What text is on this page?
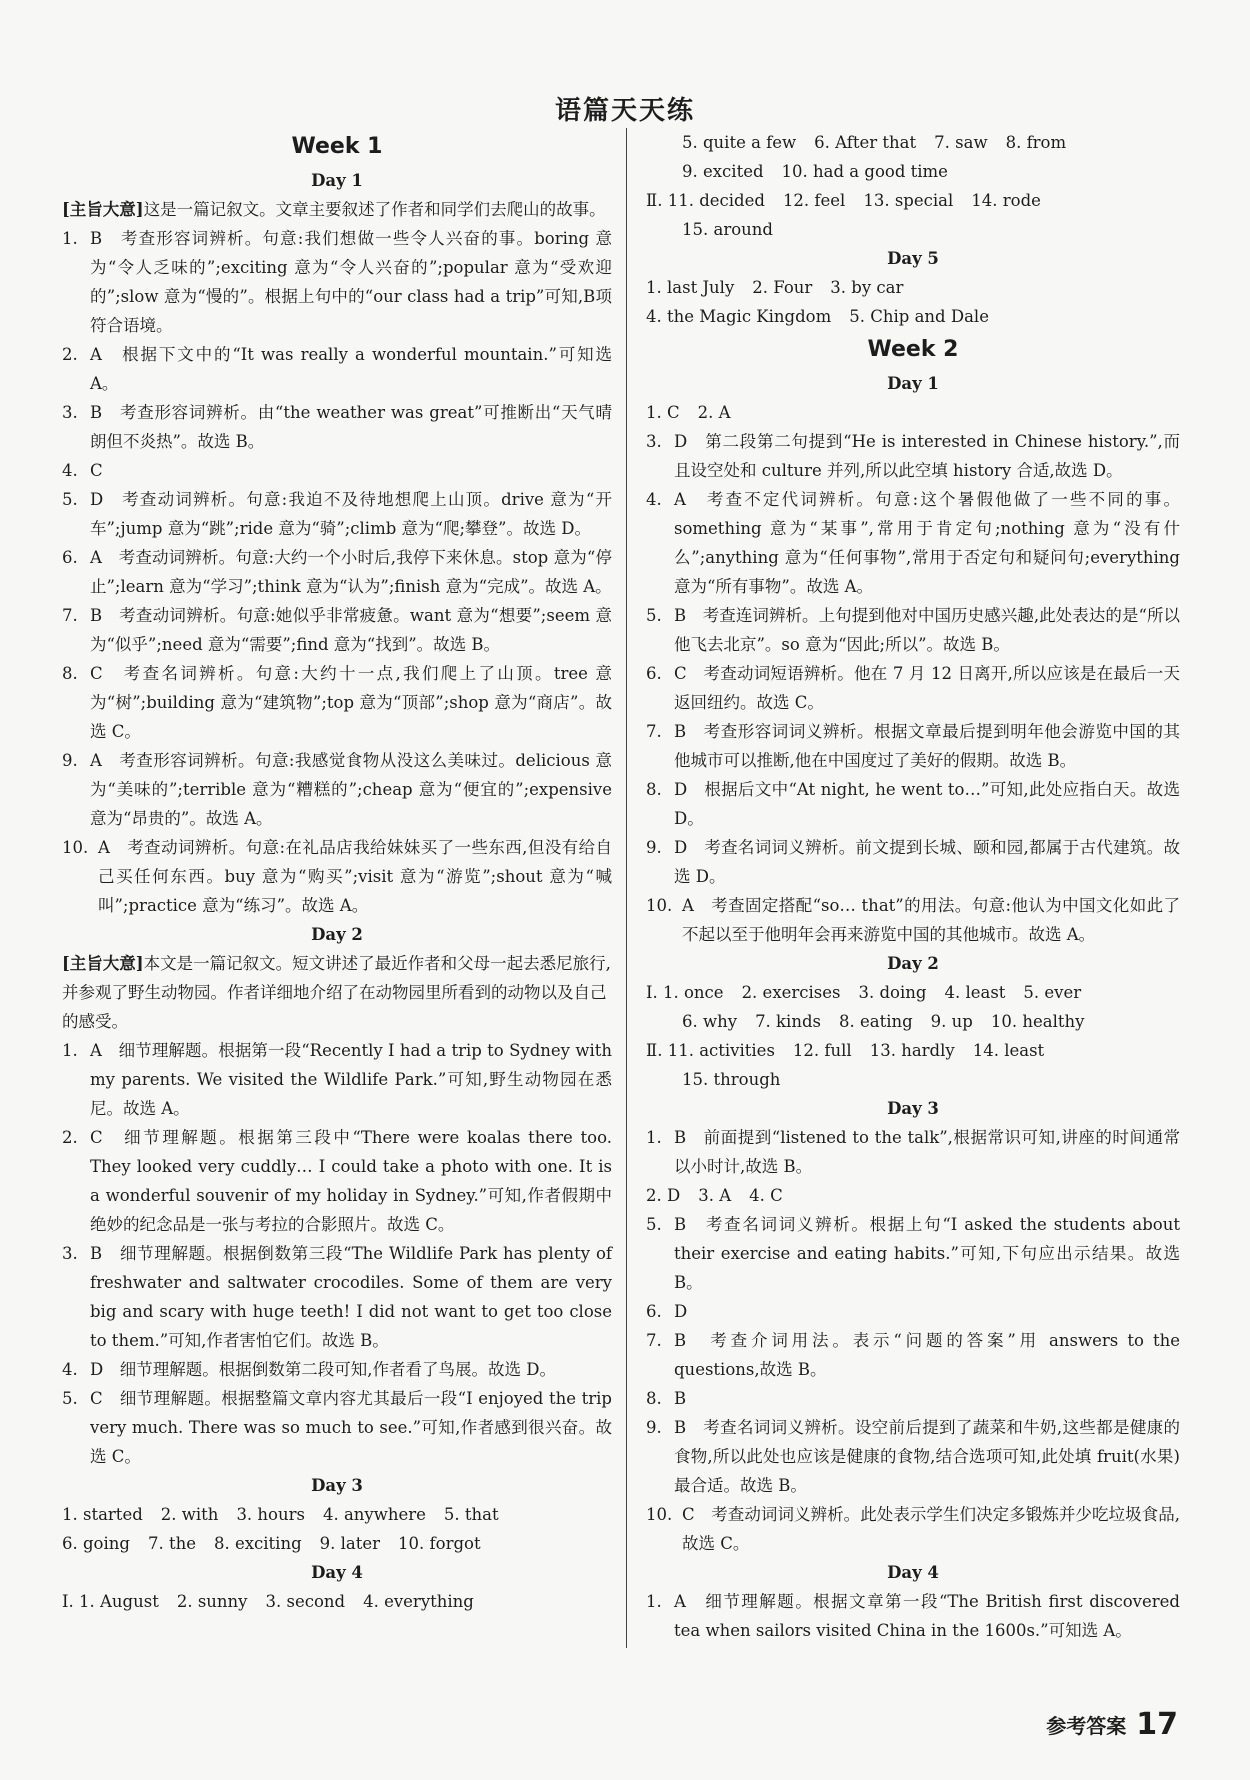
语篇天天练
Week 1
Day 1

[主旨大意]这是一篇记叙文。文章主要叙述了作者和同学们去爬山的故事。

1. B　考查形容词辨析。句意:我们想做一些令人兴奋的事。boring 意为“令人乏味的”;exciting 意为“令人兴奋的”;popular 意为“受欢迎的”;slow 意为“慢的”。根据上句中的“our class had a trip”可知,B项符合语境。
2. A　根据下文中的“It was really a wonderful mountain.”可知选 A。
3. B　考查形容词辨析。由“the weather was great”可推断出“天气晴朗但不炎热”。故选 B。
4. C
5. D　考查动词辨析。句意:我迫不及待地想爬上山顶。drive 意为“开车”;jump 意为“跳”;ride 意为“骑”;climb 意为“爬;攀登”。故选 D。
6. A　考查动词辨析。句意:大约一个小时后,我停下来休息。stop 意为“停止”;learn 意为“学习”;think 意为“认为”;finish 意为“完成”。故选 A。
7. B　考查动词辨析。句意:她似乎非常疲惫。want 意为“想要”;seem 意为“似乎”;need 意为“需要”;find 意为“找到”。故选 B。
8. C　考查名词辨析。句意:大约十一点,我们爬上了山顶。tree 意为“树”;building 意为“建筑物”;top 意为“顶部”;shop 意为“商店”。故选 C。
9. A　考查形容词辨析。句意:我感觉食物从没这么美味过。delicious 意为“美味的”;terrible 意为“糟糕的”;cheap 意为“便宜的”;expensive 意为“昂贵的”。故选 A。
10. A　考查动词辨析。句意:在礼品店我给妹妹买了一些东西,但没有给自己买任何东西。buy 意为“购买”;visit 意为“游览”;shout 意为“喊叫”;practice 意为“练习”。故选 A。
Day 2

[主旨大意]本文是一篇记叙文。短文讲述了最近作者和父母一起去悉尼旅行,并参观了野生动物园。作者详细地介绍了在动物园里所看到的动物以及自己的感受。

1. A　细节理解题。根据第一段“Recently I had a trip to Sydney with my parents. We visited the Wildlife Park.”可知,野生动物园在悉尼。故选 A。
2. C　细节理解题。根据第三段中“There were koalas there too. They looked very cuddly… I could take a photo with one. It is a wonderful souvenir of my holiday in Sydney.”可知,作者假期中绝妙的纪念品是一张与考拉的合影照片。故选 C。
3. B　细节理解题。根据倒数第三段“The Wildlife Park has plenty of freshwater and saltwater crocodiles. Some of them are very big and scary with huge teeth! I did not want to get too close to them.”可知,作者害怕它们。故选 B。
4. D　细节理解题。根据倒数第二段可知,作者看了鸟展。故选 D。
5. C　细节理解题。根据整篇文章内容尤其最后一段“I enjoyed the trip very much. There was so much to see.”可知,作者感到很兴奋。故选 C。
Day 3
1. started 2. with 3. hours 4. anywhere 5. that
6. going 7. the 8. exciting 9. later 10. forgot
Day 4
Ⅰ. 1. August 2. sunny 3. second 4. everything
5. quite a few 6. After that 7. saw 8. from
9. excited 10. had a good time
Ⅱ. 11. decided 12. feel 13. special 14. rode
15. around
Day 5
1. last July 2. Four 3. by car
4. the Magic Kingdom 5. Chip and Dale
Week 2
Day 1
1. C 2. A
3. D　第二段第二句提到“He is interested in Chinese history.”,而且设空处和 culture 并列,所以此空填 history 合适,故选 D。
4. A　考查不定代词辨析。句意:这个暑假他做了一些不同的事。something 意为“某事”,常用于肯定句;nothing 意为“没有什么”;anything 意为“任何事物”,常用于否定句和疑问句;everything 意为“所有事物”。故选 A。
5. B　考查连词辨析。上句提到他对中国历史感兴趣,此处表达的是“所以他飞去北京”。so 意为“因此;所以”。故选 B。
6. C　考查动词短语辨析。他在 7 月 12 日离开,所以应该是在最后一天返回纽约。故选 C。
7. B　考查形容词词义辨析。根据文章最后提到明年他会游览中国的其他城市可以推断,他在中国度过了美好的假期。故选 B。
8. D　根据后文中“At night, he went to…”可知,此处应指白天。故选 D。
9. D　考查名词词义辨析。前文提到长城、颐和园,都属于古代建筑。故选 D。
10. A　考查固定搭配“so… that”的用法。句意:他认为中国文化如此了不起以至于他明年会再来游览中国的其他城市。故选 A。
Day 2
Ⅰ. 1. once 2. exercises 3. doing 4. least 5. ever
6. why 7. kinds 8. eating 9. up 10. healthy
Ⅱ. 11. activities 12. full 13. hardly 14. least
15. through
Day 3
1. B　前面提到“listened to the talk”,根据常识可知,讲座的时间通常以小时计,故选 B。
2. D 3. A 4. C
5. B　考查名词词义辨析。根据上句“I asked the students about their exercise and eating habits.”可知,下句应出示结果。故选 B。
6. D
7. B　考查介词用法。表示“问题的答案”用 answers to the questions,故选 B。
8. B
9. B　考查名词词义辨析。设空前后提到了蔬菜和牛奶,这些都是健康的食物,所以此处也应该是健康的食物,结合选项可知,此处填 fruit(水果)最合适。故选 B。
10. C　考查动词词义辨析。此处表示学生们决定多锻炼并少吃垃圾食品,故选 C。
Day 4
1. A　细节理解题。根据文章第一段“The British first discovered tea when sailors visited China in the 1600s.”可知选 A。
参考答案 17
